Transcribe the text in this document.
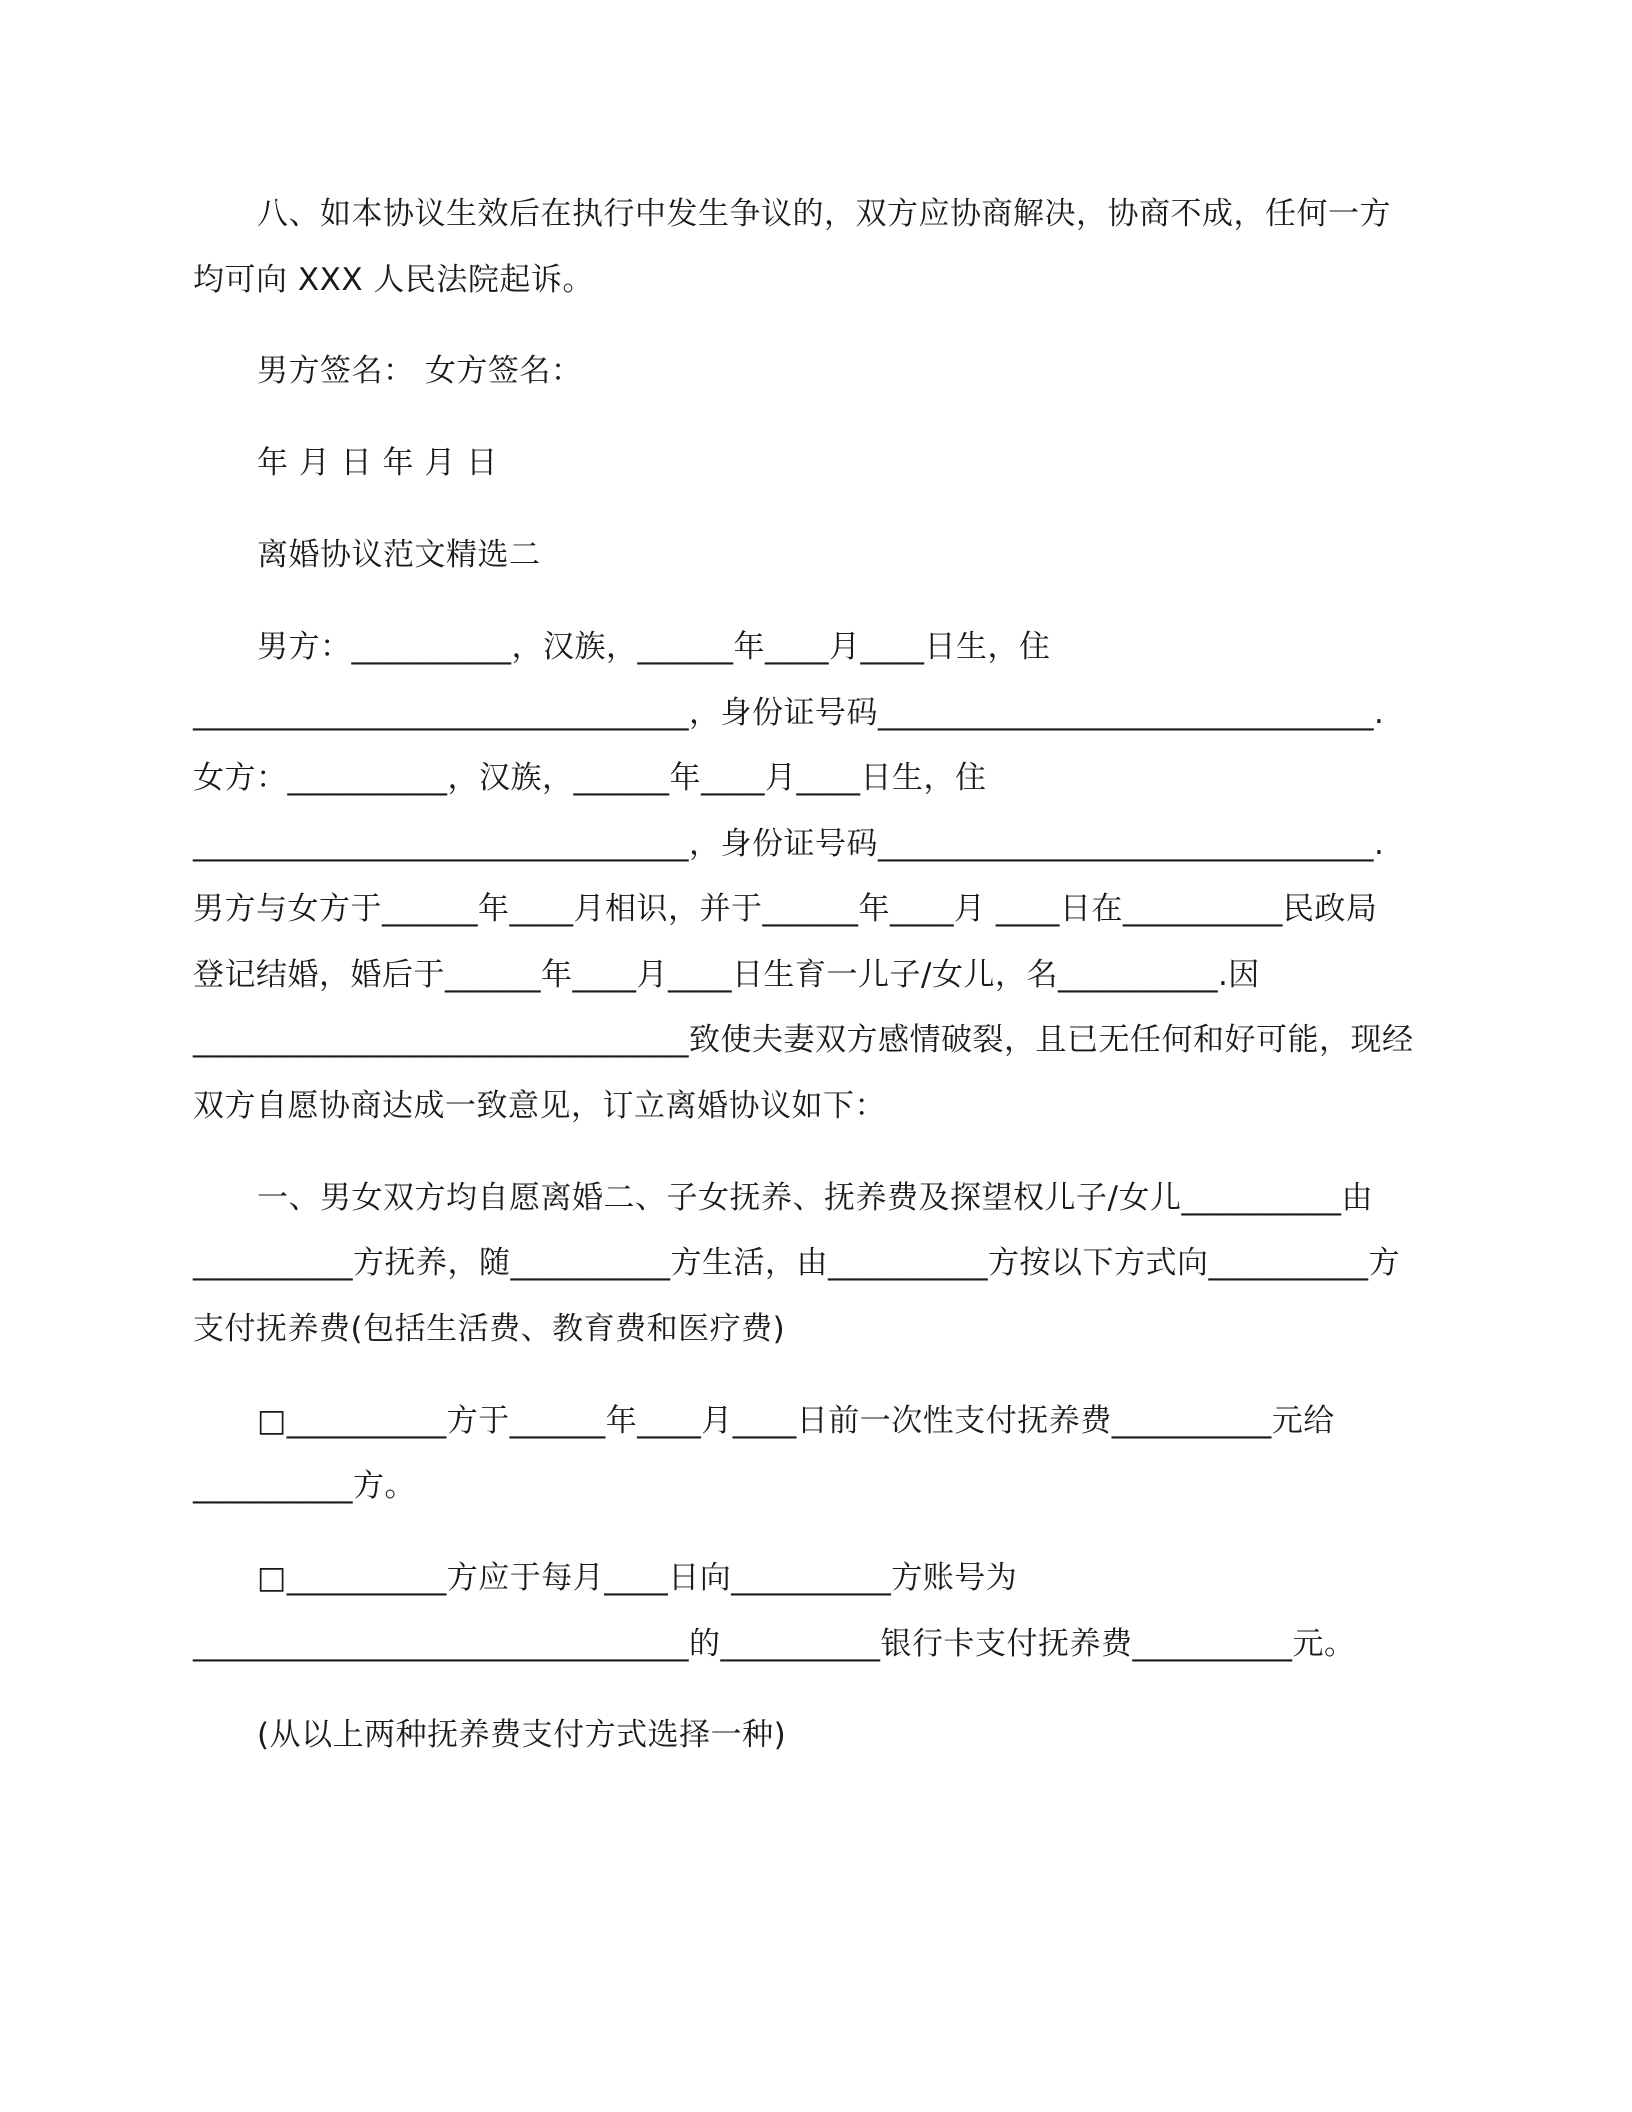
八、如本协议生效后在执行中发生争议的，双方应协商解决，协商不成，任何一方
均可向 XXX 人民法院起诉。
男方签名： 女方签名：
年 月 日 年 月 日
离婚协议范文精选二
男方：__________，汉族，______年____月____日生，住
_______________________________，身份证号码_______________________________.
女方：__________，汉族，______年____月____日生，住
_______________________________，身份证号码_______________________________.
男方与女方于______年____月相识，并于______年____月 ____日在__________民政局
登记结婚，婚后于______年____月____日生育一儿子/女儿，名__________.因
_______________________________致使夫妻双方感情破裂，且已无任何和好可能，现经
双方自愿协商达成一致意见，订立离婚协议如下：
一、男女双方均自愿离婚二、子女抚养、抚养费及探望权儿子/女儿__________由
__________方抚养，随__________方生活，由__________方按以下方式向__________方
支付抚养费(包括生活费、教育费和医疗费)
□__________方于______年____月____日前一次性支付抚养费__________元给
__________方。
□__________方应于每月____日向__________方账号为
_______________________________的__________银行卡支付抚养费__________元。
(从以上两种抚养费支付方式选择一种)
